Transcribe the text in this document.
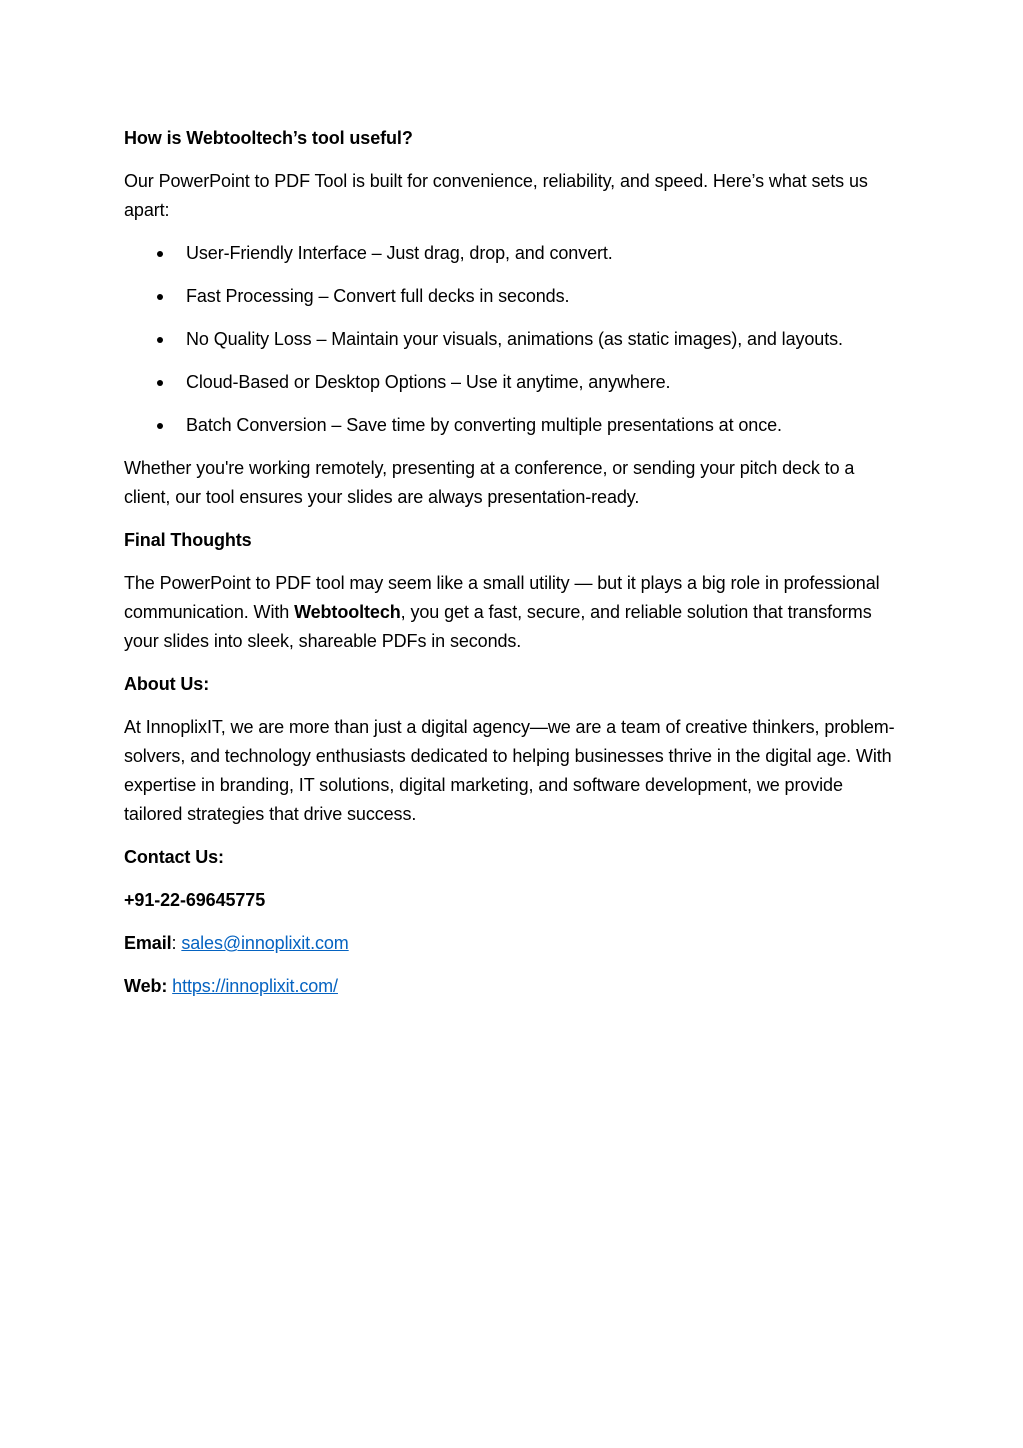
How is Webtooltech’s tool useful?

Our PowerPoint to PDF Tool is built for convenience, reliability, and speed. Here’s what sets us apart:

User-Friendly Interface – Just drag, drop, and convert.
Fast Processing – Convert full decks in seconds.
No Quality Loss – Maintain your visuals, animations (as static images), and layouts.
Cloud-Based or Desktop Options – Use it anytime, anywhere.
Batch Conversion – Save time by converting multiple presentations at once.

Whether you're working remotely, presenting at a conference, or sending your pitch deck to a client, our tool ensures your slides are always presentation-ready.

Final Thoughts

The PowerPoint to PDF tool may seem like a small utility — but it plays a big role in professional communication. With Webtooltech, you get a fast, secure, and reliable solution that transforms your slides into sleek, shareable PDFs in seconds.

About Us:

At InnoplixIT, we are more than just a digital agency—we are a team of creative thinkers, problem-solvers, and technology enthusiasts dedicated to helping businesses thrive in the digital age. With expertise in branding, IT solutions, digital marketing, and software development, we provide tailored strategies that drive success.

Contact Us:

+91-22-69645775

Email: sales@innoplixit.com

Web: https://innoplixit.com/
